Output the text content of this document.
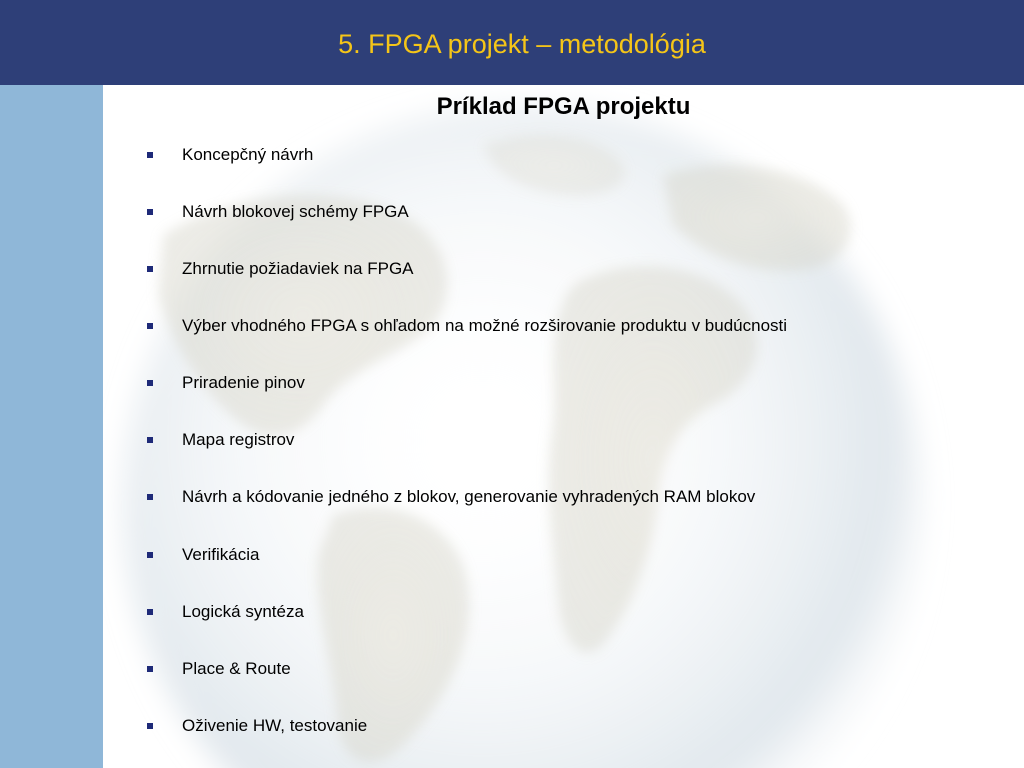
5. FPGA projekt – metodológia
Príklad FPGA projektu
Koncepčný návrh
Návrh blokovej schémy FPGA
Zhrnutie požiadaviek na FPGA
Výber vhodného FPGA s ohľadom na možné rozširovanie produktu v budúcnosti
Priradenie pinov
Mapa registrov
Návrh a kódovanie jedného z blokov, generovanie vyhradených RAM blokov
Verifikácia
Logická syntéza
Place & Route
Oživenie HW, testovanie
